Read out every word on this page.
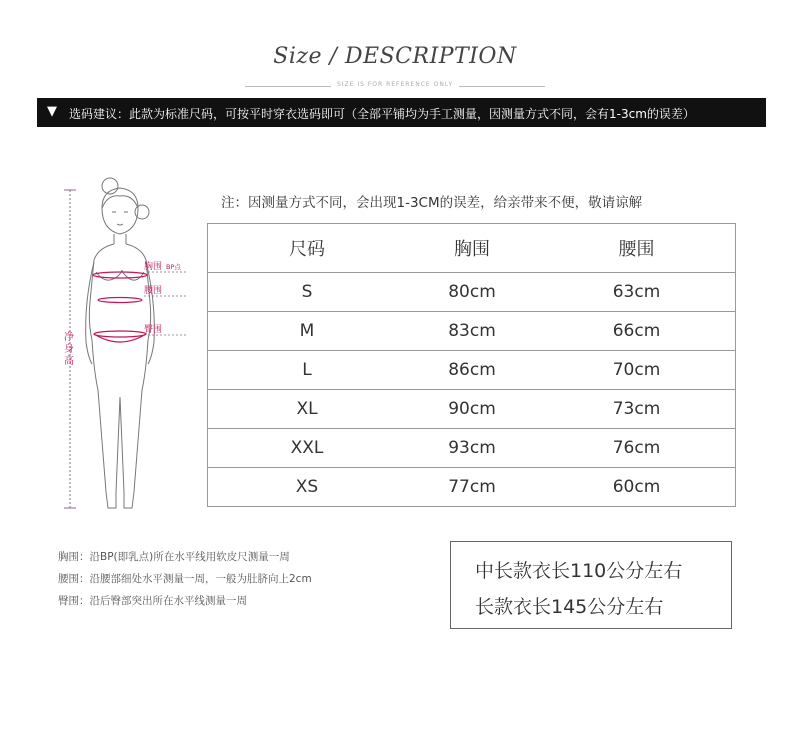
Size / DESCRIPTION
SIZE IS FOR REFERENCE ONLY
▼ 选码建议：此款为标准尺码，可按平时穿衣选码即可（全部平铺均为手工测量，因测量方式不同，会有1-3cm的误差）
净
身
高
胸围 BP点
腰围
臀围
注：因测量方式不同，会出现1-3CM的误差，给亲带来不便，敬请谅解
尺码	胸围	腰围
S	80cm	63cm
M	83cm	66cm
L	86cm	70cm
XL	90cm	73cm
XXL	93cm	76cm
XS	77cm	60cm
胸围：沿BP(即乳点)所在水平线用软皮尺测量一周
腰围：沿腰部细处水平测量一周，一般为肚脐向上2cm
臀围：沿后臀部突出所在水平线测量一周
中长款衣长110公分左右
长款衣长145公分左右
